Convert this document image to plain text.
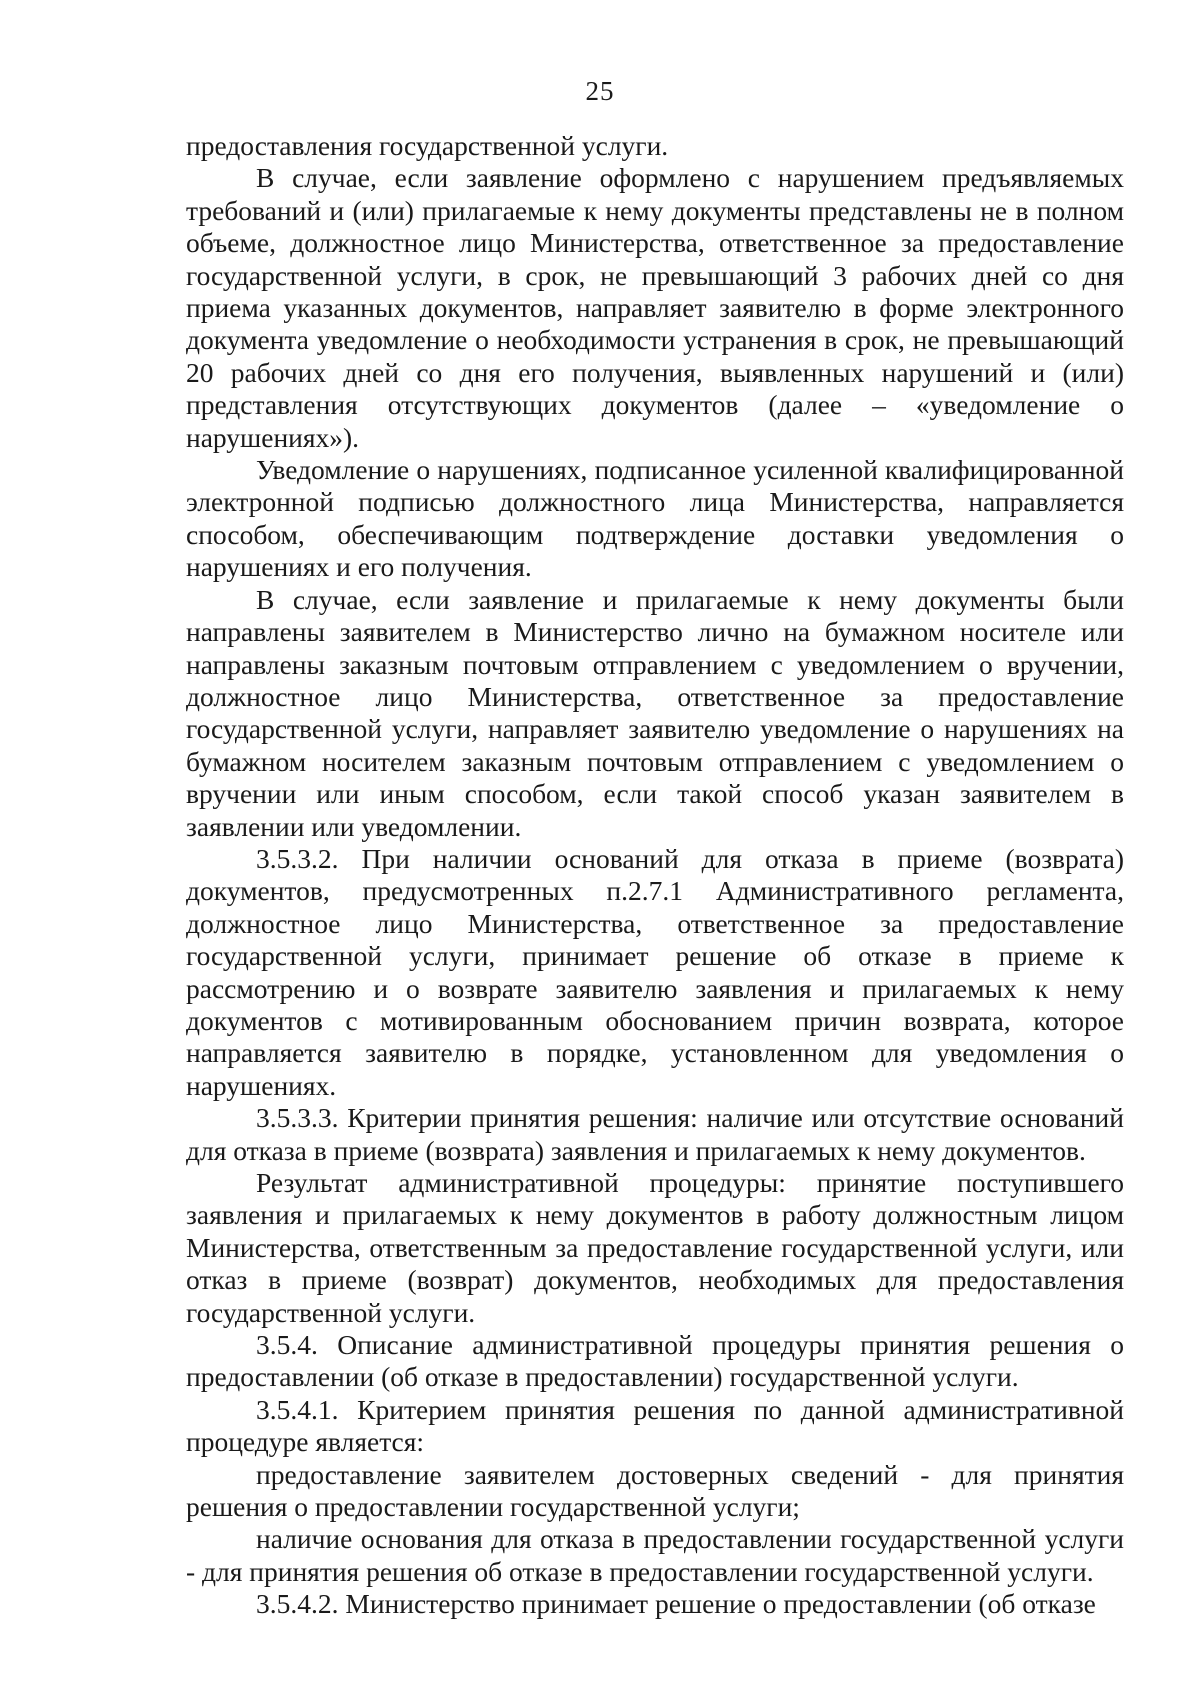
25

предоставления государственной услуги.

В случае, если заявление оформлено с нарушением предъявляемых требований и (или) прилагаемые к нему документы представлены не в полном объеме, должностное лицо Министерства, ответственное за предоставление государственной услуги, в срок, не превышающий 3 рабочих дней со дня приема указанных документов, направляет заявителю в форме электронного документа уведомление о необходимости устранения в срок, не превышающий 20 рабочих дней со дня его получения, выявленных нарушений и (или) представления отсутствующих документов (далее – «уведомление о нарушениях»).

Уведомление о нарушениях, подписанное усиленной квалифицированной электронной подписью должностного лица Министерства, направляется способом, обеспечивающим подтверждение доставки уведомления о нарушениях и его получения.

В случае, если заявление и прилагаемые к нему документы были направлены заявителем в Министерство лично на бумажном носителе или направлены заказным почтовым отправлением с уведомлением о вручении, должностное лицо Министерства, ответственное за предоставление государственной услуги, направляет заявителю уведомление о нарушениях на бумажном носителем заказным почтовым отправлением с уведомлением о вручении или иным способом, если такой способ указан заявителем в заявлении или уведомлении.

3.5.3.2. При наличии оснований для отказа в приеме (возврата) документов, предусмотренных п.2.7.1 Административного регламента, должностное лицо Министерства, ответственное за предоставление государственной услуги, принимает решение об отказе в приеме к рассмотрению и о возврате заявителю заявления и прилагаемых к нему документов с мотивированным обоснованием причин возврата, которое направляется заявителю в порядке, установленном для уведомления о нарушениях.

3.5.3.3. Критерии принятия решения: наличие или отсутствие оснований для отказа в приеме (возврата) заявления и прилагаемых к нему документов.

Результат административной процедуры: принятие поступившего заявления и прилагаемых к нему документов в работу должностным лицом Министерства, ответственным за предоставление государственной услуги, или отказ в приеме (возврат) документов, необходимых для предоставления государственной услуги.

3.5.4. Описание административной процедуры принятия решения о предоставлении (об отказе в предоставлении) государственной услуги.

3.5.4.1. Критерием принятия решения по данной административной процедуре является:

предоставление заявителем достоверных сведений - для принятия решения о предоставлении государственной услуги;

наличие основания для отказа в предоставлении государственной услуги - для принятия решения об отказе в предоставлении государственной услуги.

3.5.4.2. Министерство принимает решение о предоставлении (об отказе
